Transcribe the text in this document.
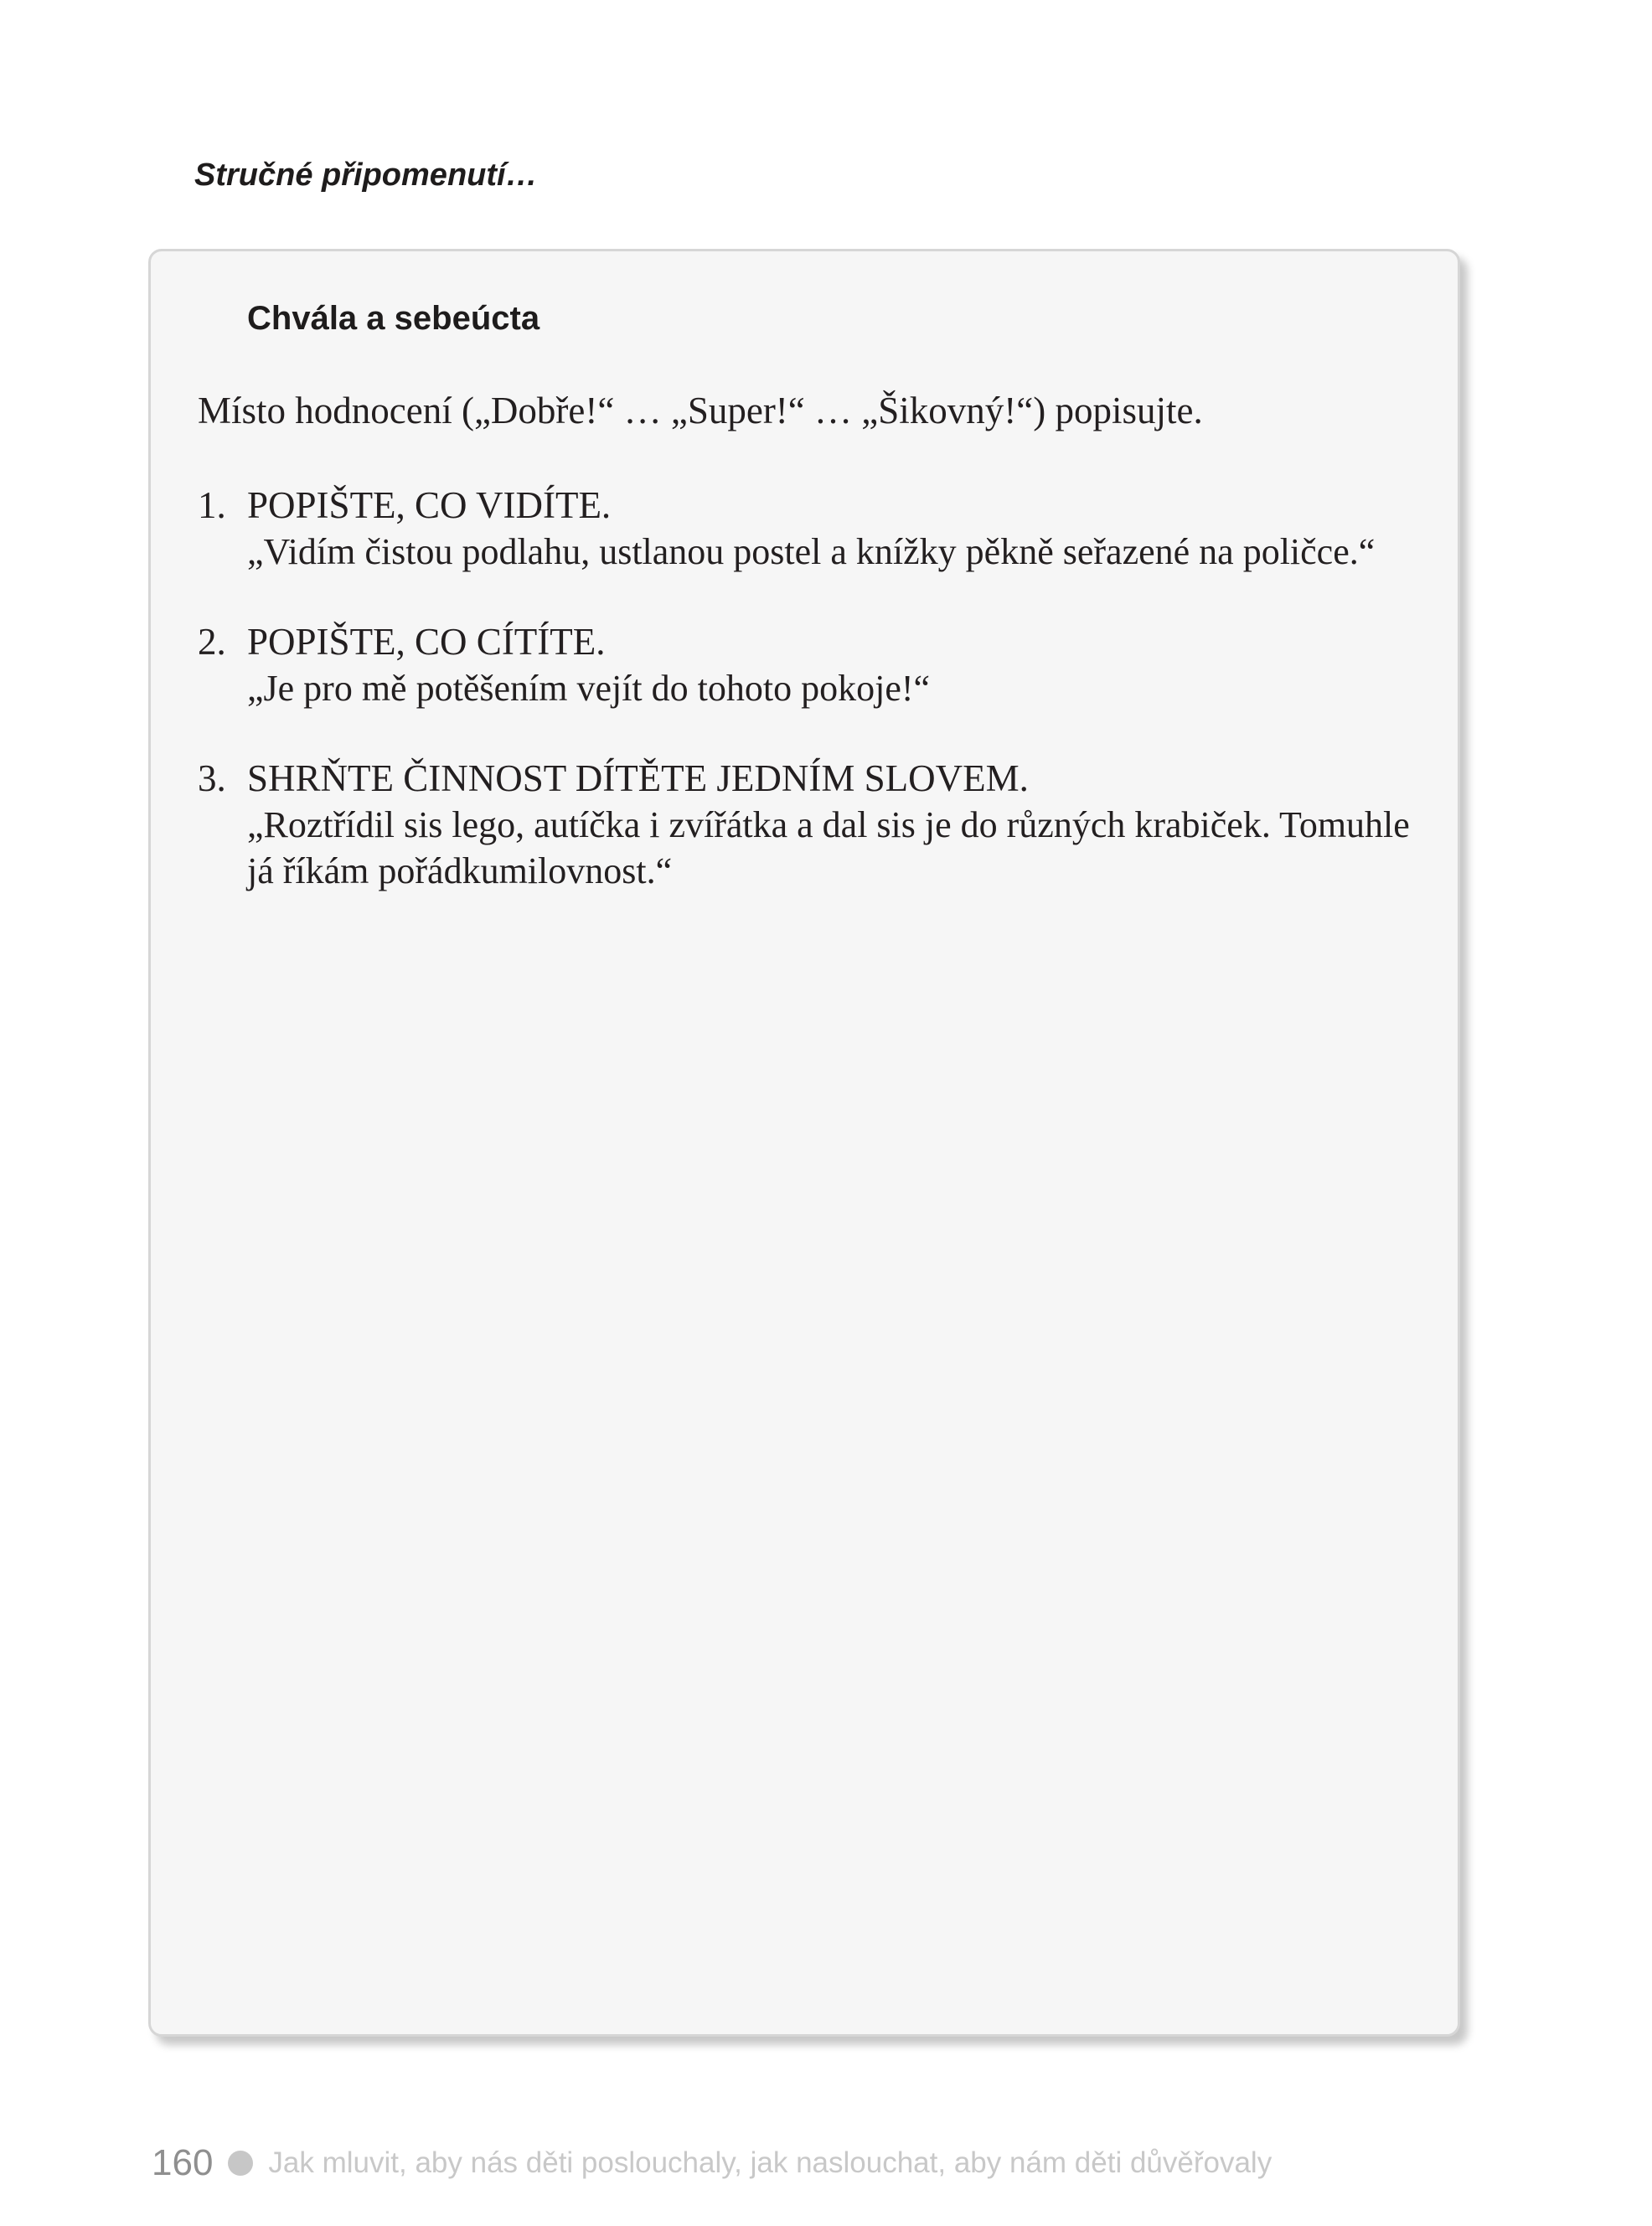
Stručné připomenutí…
Chvála a sebeúcta

Místo hodnocení („Dobře!“ … „Super!“ … „Šikovný!“) popisujte.

1. POPIŠTE, CO VIDÍTE.
„Vidím čistou podlahu, ustlanou postel a knížky pěkně seřazené na poličce.“
2. POPIŠTE, CO CÍTÍTE.
„Je pro mě potěšením vejít do tohoto pokoje!“
3. SHRŇTE ČINNOST DÍTĚTE JEDNÍM SLOVEM.
„Roztřídil sis lego, autíčka i zvířátka a dal sis je do různých krabiček. Tomuhle já říkám pořádkumilovnost.“
160 Jak mluvit, aby nás děti poslouchaly, jak naslouchat, aby nám děti důvěřovaly
